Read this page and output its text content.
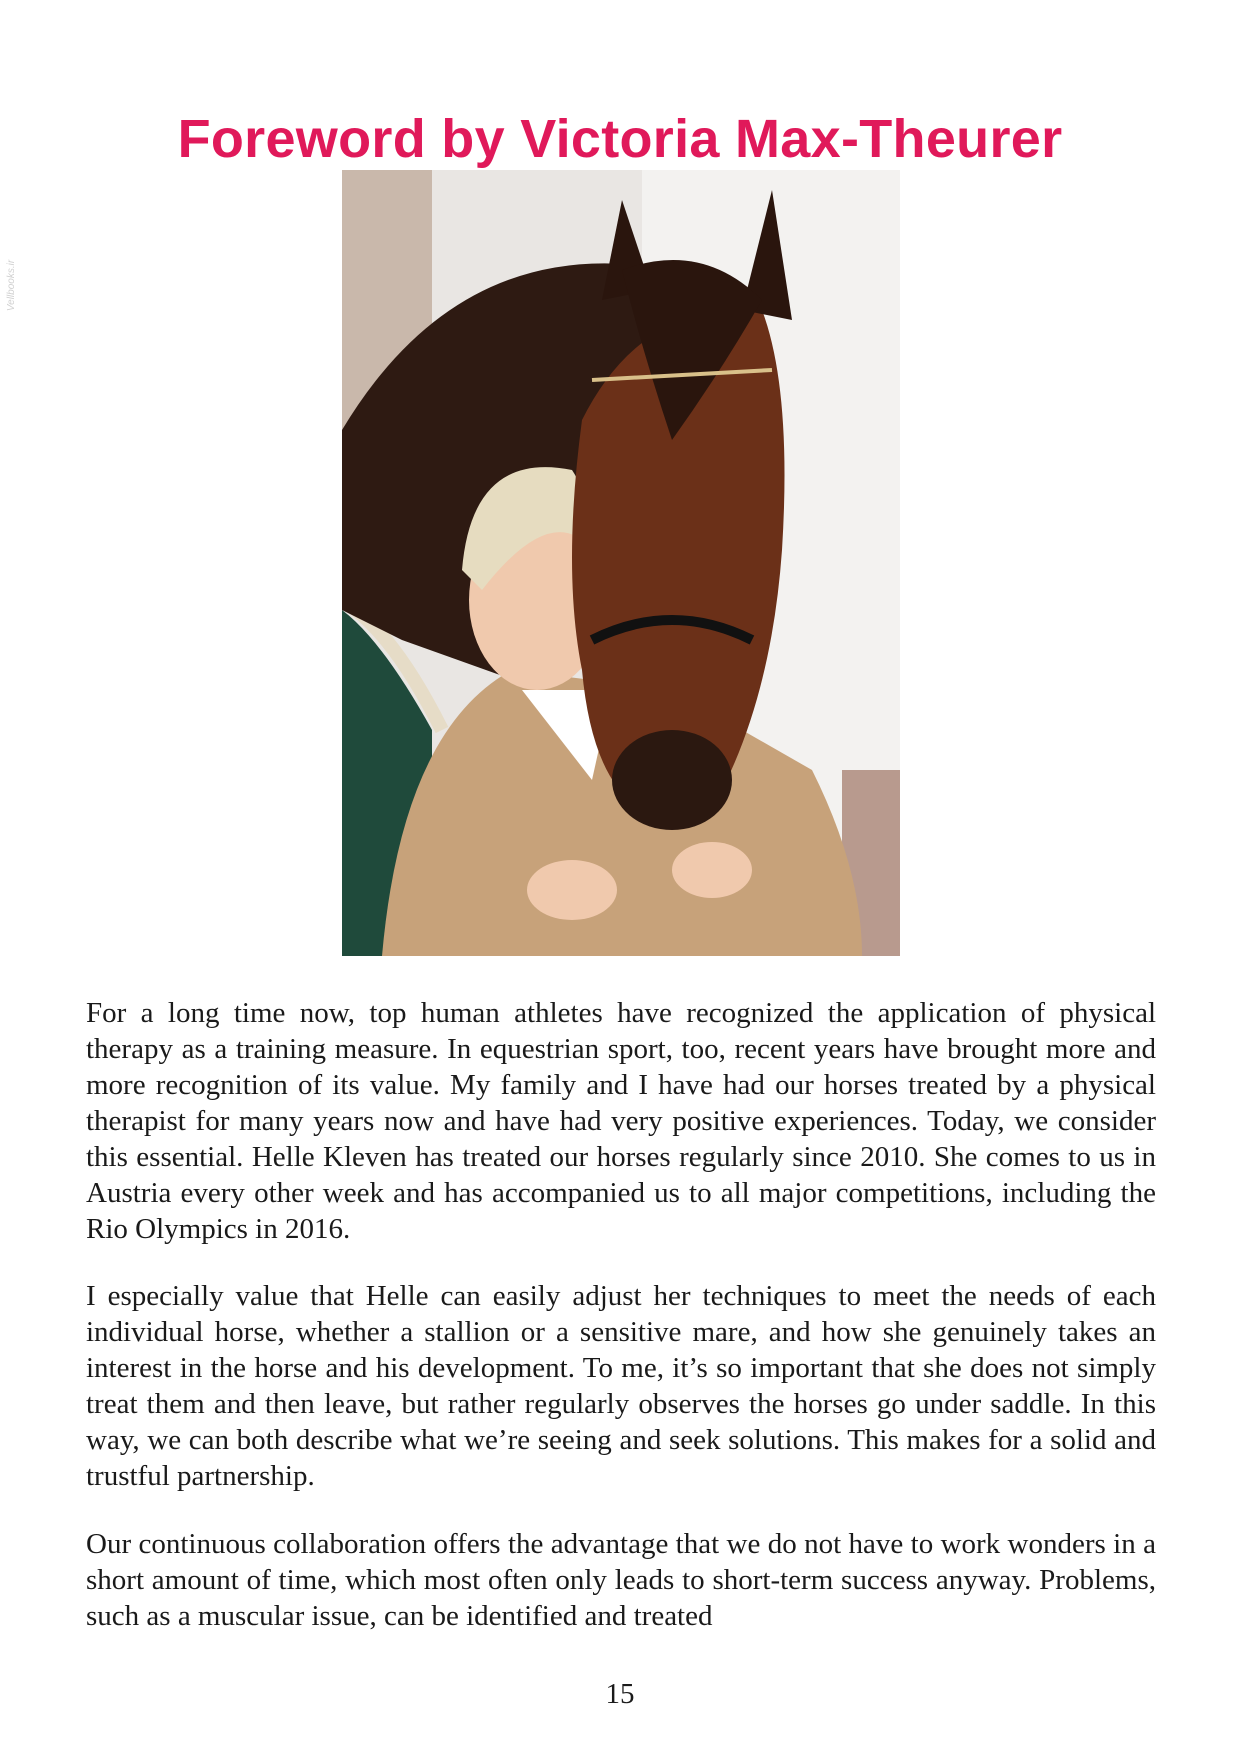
Vellbooks.ir
Foreword by Victoria Max-Theurer
For a long time now, top human athletes have recognized the application of physical therapy as a training measure. In equestrian sport, too, recent years have brought more and more recognition of its value. My family and I have had our horses treated by a physical therapist for many years now and have had very positive experiences. Today, we consider this essential. Helle Kleven has treated our horses regularly since 2010. She comes to us in Austria every other week and has accompanied us to all major competitions, including the Rio Olympics in 2016.
I especially value that Helle can easily adjust her techniques to meet the needs of each individual horse, whether a stallion or a sensitive mare, and how she genuinely takes an interest in the horse and his development. To me, it’s so important that she does not simply treat them and then leave, but rather regularly observes the horses go under saddle. In this way, we can both describe what we’re seeing and seek solutions. This makes for a solid and trustful partnership.
Our continuous collaboration offers the advantage that we do not have to work wonders in a short amount of time, which most often only leads to short-term success anyway. Problems, such as a muscular issue, can be identified and treated
15
